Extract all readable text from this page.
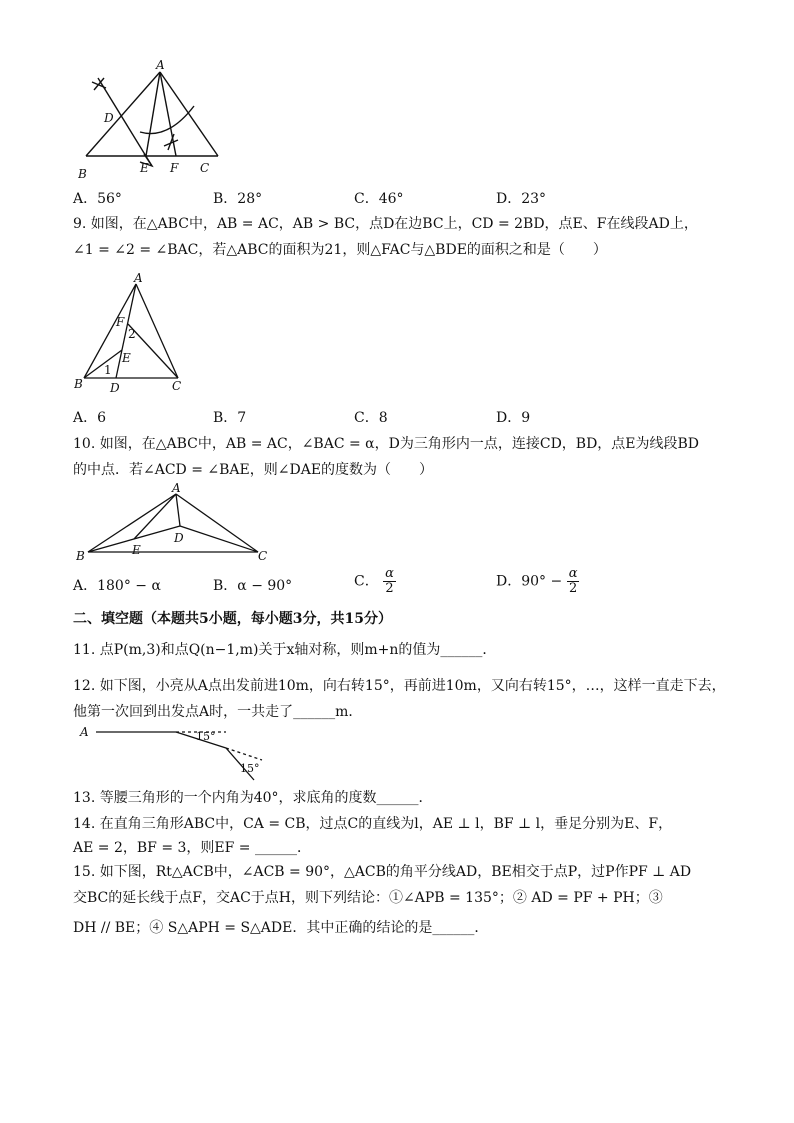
A
D
B	E F C
A．56°	B．28°	C．46°	D．23°
9. 如图，在△ABC中，AB = AC，AB > BC，点D在边BC上，CD = 2BD，点E、F在线段AD上，
∠1 = ∠2 = ∠BAC，若△ABC的面积为21，则△FAC与△BDE的面积之和是（　　）
A
F
2
E
1
B D	C
A．6	B．7	C．8	D．9
10. 如图，在△ABC中，AB = AC，∠BAC = α，D为三角形内一点，连接CD，BD，点E为线段BD
的中点．若∠ACD = ∠BAE，则∠DAE的度数为（　　）
A
B	E
D
C
A．180° − α	B．α − 90°	C． $\frac{\alpha}{2}$	D．$90^\circ - \frac{\alpha}{2}$
二、填空题（本题共5小题，每小题3分，共15分）
11. 点P(m,3)和点Q(n−1,m)关于x轴对称，则m+n的值为______．
12. 如下图，小亮从A点出发前进10m，向右转15°，再前进10m，又向右转15°，…，这样一直走下去，
他第一次回到出发点A时，一共走了______m．
A	15°
15°
13. 等腰三角形的一个内角为40°，求底角的度数______．
14. 在直角三角形ABC中，CA = CB，过点C的直线为l，AE ⊥ l，BF ⊥ l，垂足分别为E、F，
AE = 2，BF = 3，则EF = ______．
15. 如下图，Rt△ACB中，∠ACB = 90°，△ACB的角平分线AD，BE相交于点P，过P作PF ⊥ AD
交BC的延长线于点F，交AC于点H，则下列结论：①∠APB = 135°；② AD = PF + PH；③
DH // BE；④ S△APH = S△ADE．其中正确的结论的是______．
